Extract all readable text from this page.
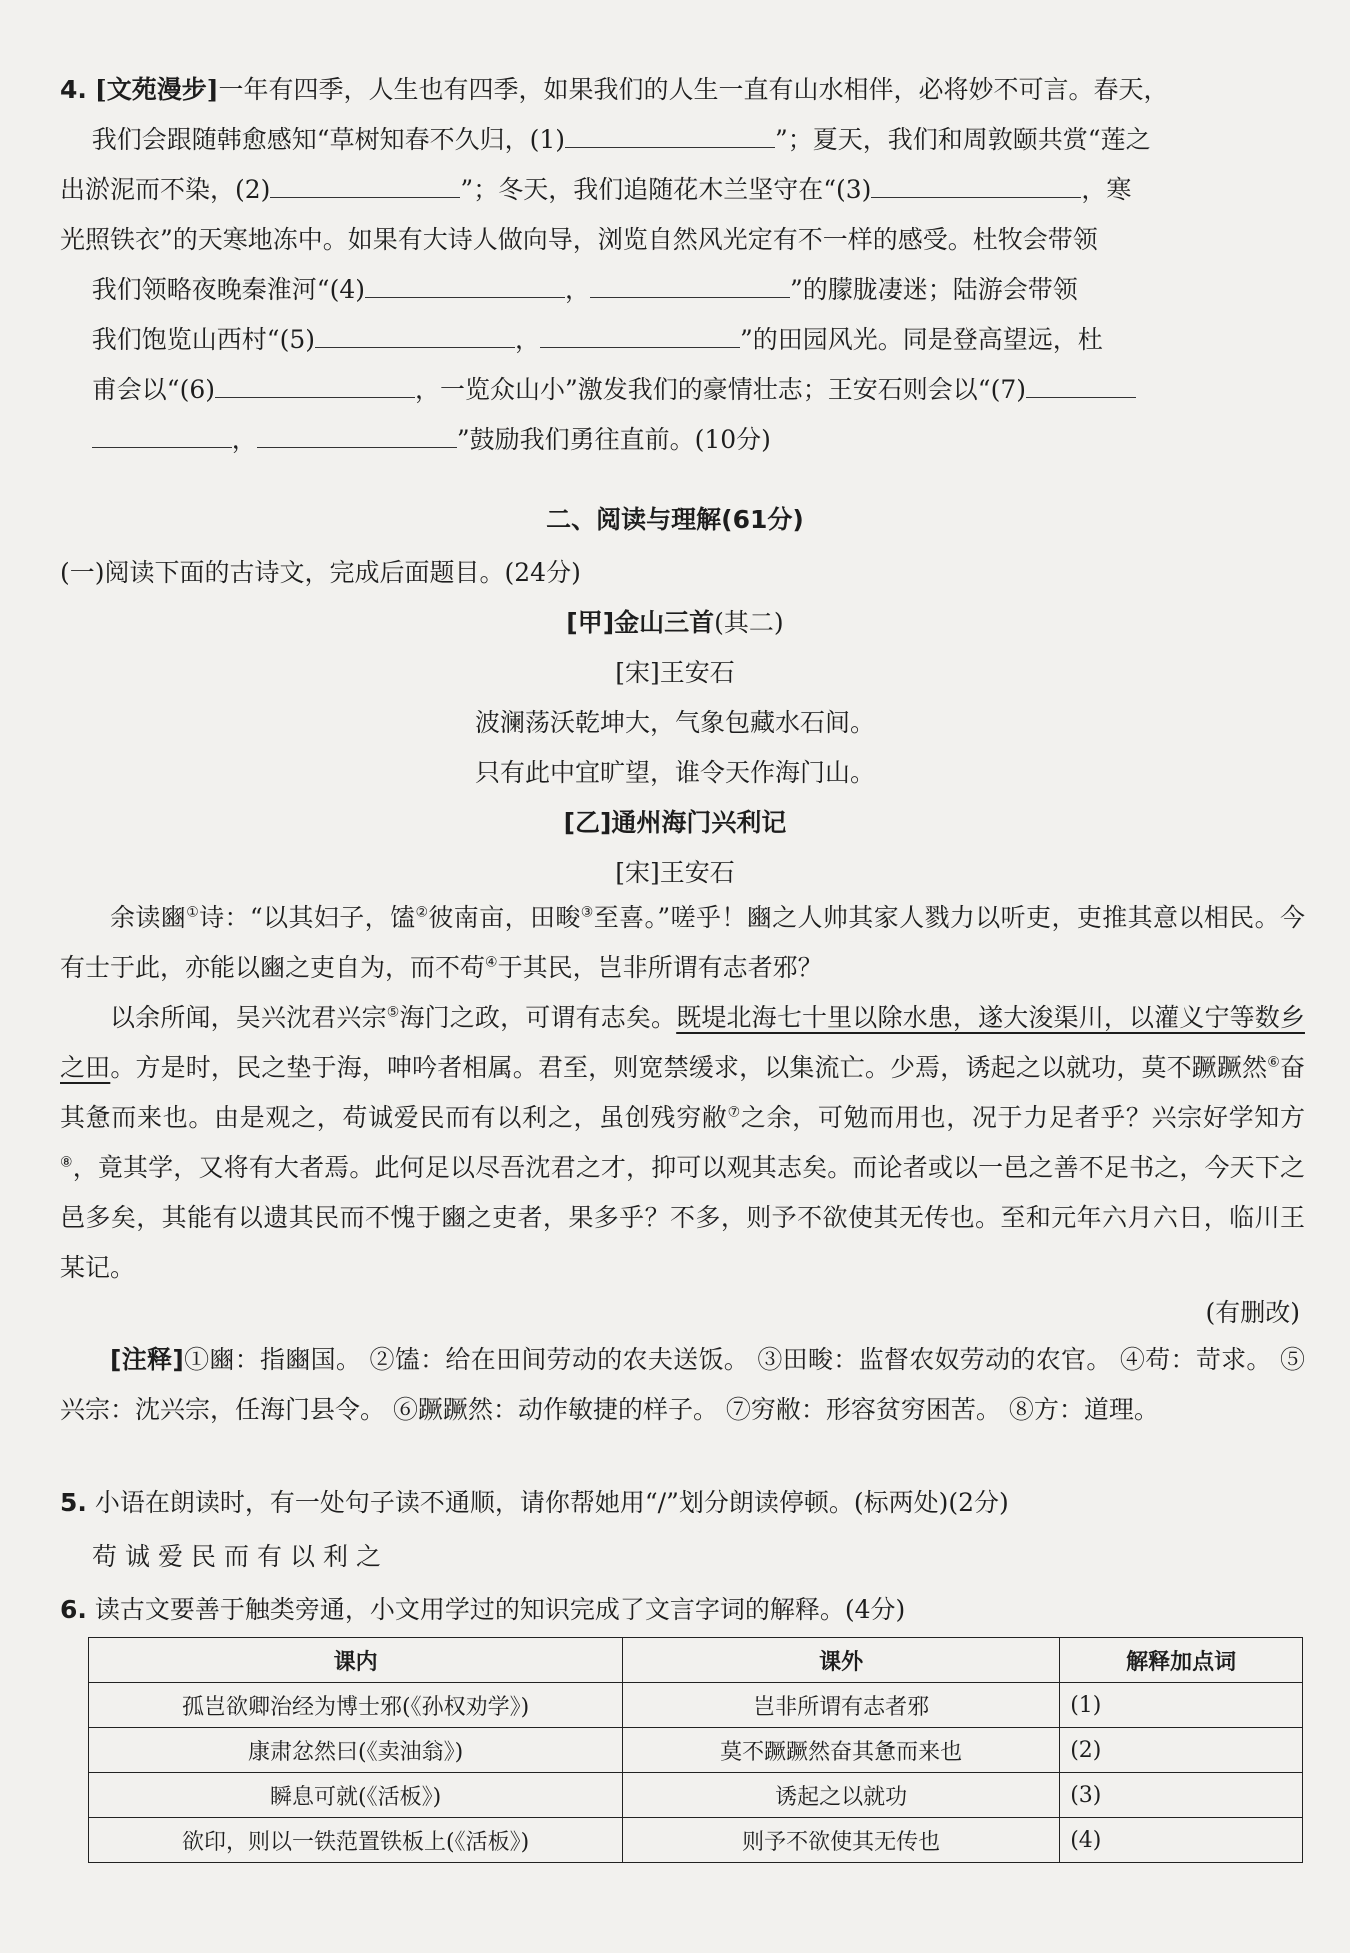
4. [文苑漫步]一年有四季，人生也有四季，如果我们的人生一直有山水相伴，必将妙不可言。春天，
我们会跟随韩愈感知“草树知春不久归，(1)	”；夏天，我们和周敦颐共赏“莲之
出淤泥而不染，(2)	”；冬天，我们追随花木兰坚守在“(3)	，寒
光照铁衣”的天寒地冻中。如果有大诗人做向导，浏览自然风光定有不一样的感受。杜牧会带领
我们领略夜晚秦淮河“(4)	，	”的朦胧凄迷；陆游会带领
我们饱览山西村“(5)	，	”的田园风光。同是登高望远，杜
甫会以“(6)	，一览众山小”激发我们的豪情壮志；王安石则会以“(7)
，	”鼓励我们勇往直前。(10分)
二、阅读与理解(61分)
(一)阅读下面的古诗文，完成后面题目。(24分)
[甲]金山三首(其二)
[宋]王安石
波澜荡沃乾坤大，气象包藏水石间。
只有此中宜旷望，谁令天作海门山。
[乙]通州海门兴利记
[宋]王安石
余读豳①诗：“以其妇子，馌②彼南亩，田畯③至喜。”嗟乎！豳之人帅其家人戮力以听吏，吏推其意以相民。今有士于此，亦能以豳之吏自为，而不苟④于其民，岂非所谓有志者邪？
以余所闻，吴兴沈君兴宗⑤海门之政，可谓有志矣。既堤北海七十里以除水患，遂大浚渠川，以灌义宁等数乡之田。方是时，民之垫于海，呻吟者相属。君至，则宽禁缓求，以集流亡。少焉，诱起之以就功，莫不蹶蹶然⑥奋其惫而来也。由是观之，苟诚爱民而有以利之，虽创残穷敝⑦之余，可勉而用也，况于力足者乎？兴宗好学知方⑧，竟其学，又将有大者焉。此何足以尽吾沈君之才，抑可以观其志矣。而论者或以一邑之善不足书之，今天下之邑多矣，其能有以遗其民而不愧于豳之吏者，果多乎？不多，则予不欲使其无传也。至和元年六月六日，临川王某记。
(有删改)
[注释]①豳：指豳国。 ②馌：给在田间劳动的农夫送饭。 ③田畯：监督农奴劳动的农官。 ④苟：苛求。 ⑤兴宗：沈兴宗，任海门县令。 ⑥蹶蹶然：动作敏捷的样子。 ⑦穷敝：形容贫穷困苦。 ⑧方：道理。
5. 小语在朗读时，有一处句子读不通顺，请你帮她用“/”划分朗读停顿。(标两处)(2分)
苟诚爱民而有以利之
6. 读古文要善于触类旁通，小文用学过的知识完成了文言字词的解释。(4分)
课内	课外	解释加点词
孤岂欲卿治经为博士邪(《孙权劝学》)	岂非所谓有志者邪	(1)
康肃忿然曰(《卖油翁》)	莫不蹶蹶然奋其惫而来也	(2)
瞬息可就(《活板》)	诱起之以就功	(3)
欲印，则以一铁范置铁板上(《活板》)	则予不欲使其无传也	(4)
